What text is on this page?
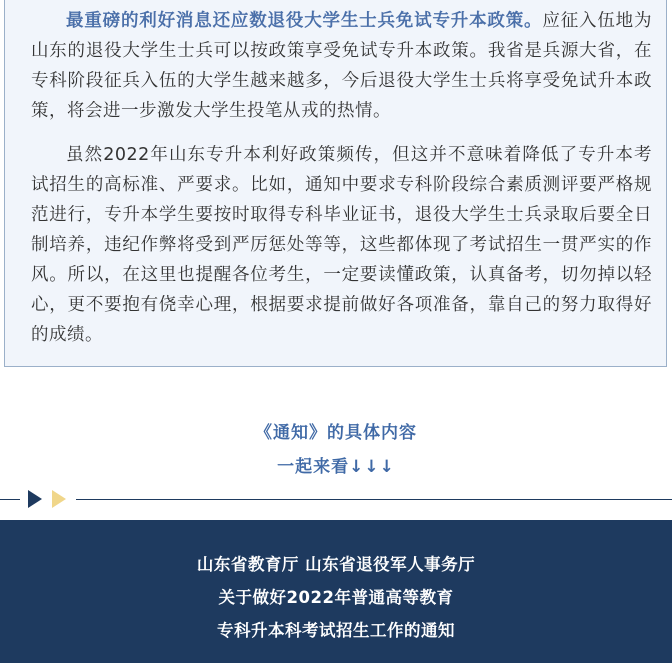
最重磅的利好消息还应数退役大学生士兵免试专升本政策。应征入伍地为山东的退役大学生士兵可以按政策享受免试专升本政策。我省是兵源大省，在专科阶段征兵入伍的大学生越来越多，今后退役大学生士兵将享受免试升本政策，将会进一步激发大学生投笔从戎的热情。

虽然2022年山东专升本利好政策频传，但这并不意味着降低了专升本考试招生的高标准、严要求。比如，通知中要求专科阶段综合素质测评要严格规范进行，专升本学生要按时取得专科毕业证书，退役大学生士兵录取后要全日制培养，违纪作弊将受到严厉惩处等等，这些都体现了考试招生一贯严实的作风。所以，在这里也提醒各位考生，一定要读懂政策，认真备考，切勿掉以轻心，更不要抱有侥幸心理，根据要求提前做好各项准备，靠自己的努力取得好的成绩。

《通知》的具体内容
一起来看↓↓↓
山东省教育厅 山东省退役军人事务厅
关于做好2022年普通高等教育
专科升本科考试招生工作的通知
